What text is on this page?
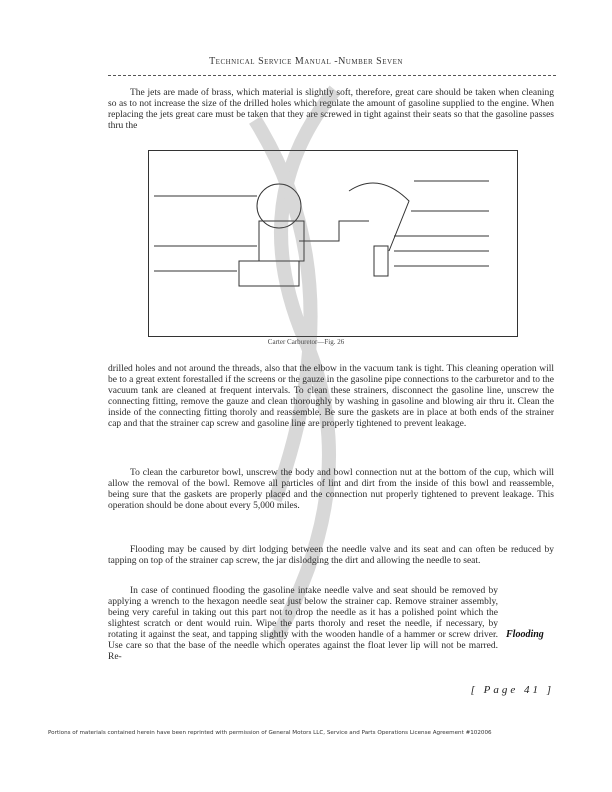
Technical Service Manual -Number Seven
The jets are made of brass, which material is slightly soft, therefore, great care should be taken when cleaning so as to not increase the size of the drilled holes which regulate the amount of gasoline supplied to the engine. When replacing the jets great care must be taken that they are screwed in tight against their seats so that the gasoline passes thru the
Carter Carburetor—Fig. 26
drilled holes and not around the threads, also that the elbow in the vacuum tank is tight. This cleaning operation will be to a great extent forestalled if the screens or the gauze in the gasoline pipe connections to the carburetor and to the vacuum tank are cleaned at frequent intervals. To clean these strainers, disconnect the gasoline line, unscrew the connecting fitting, remove the gauze and clean thoroughly by washing in gasoline and blowing air thru it. Clean the inside of the connecting fitting thoroly and reassemble. Be sure the gaskets are in place at both ends of the strainer cap and that the strainer cap screw and gasoline line are properly tightened to prevent leakage.
To clean the carburetor bowl, unscrew the body and bowl connection nut at the bottom of the cup, which will allow the removal of the bowl. Remove all particles of lint and dirt from the inside of this bowl and reassemble, being sure that the gaskets are properly placed and the connection nut properly tightened to prevent leakage. This operation should be done about every 5,000 miles.
Flooding may be caused by dirt lodging between the needle valve and its seat and can often be reduced by tapping on top of the strainer cap screw, the jar dislodging the dirt and allowing the needle to seat.
In case of continued flooding the gasoline intake needle valve and seat should be removed by applying a wrench to the hexagon needle seat just below the strainer cap. Remove strainer assembly, being very careful in taking out this part not to drop the needle as it has a polished point which the slightest scratch or dent would ruin. Wipe the parts thoroly and reset the needle, if necessary, by rotating it against the seat, and tapping slightly with the wooden handle of a hammer or screw driver. Use care so that the base of the needle which operates against the float lever lip will not be marred. Re-
Flooding
[ Page 41 ]
Portions of materials contained herein have been reprinted with permission of General Motors LLC, Service and Parts Operations License Agreement #102006
